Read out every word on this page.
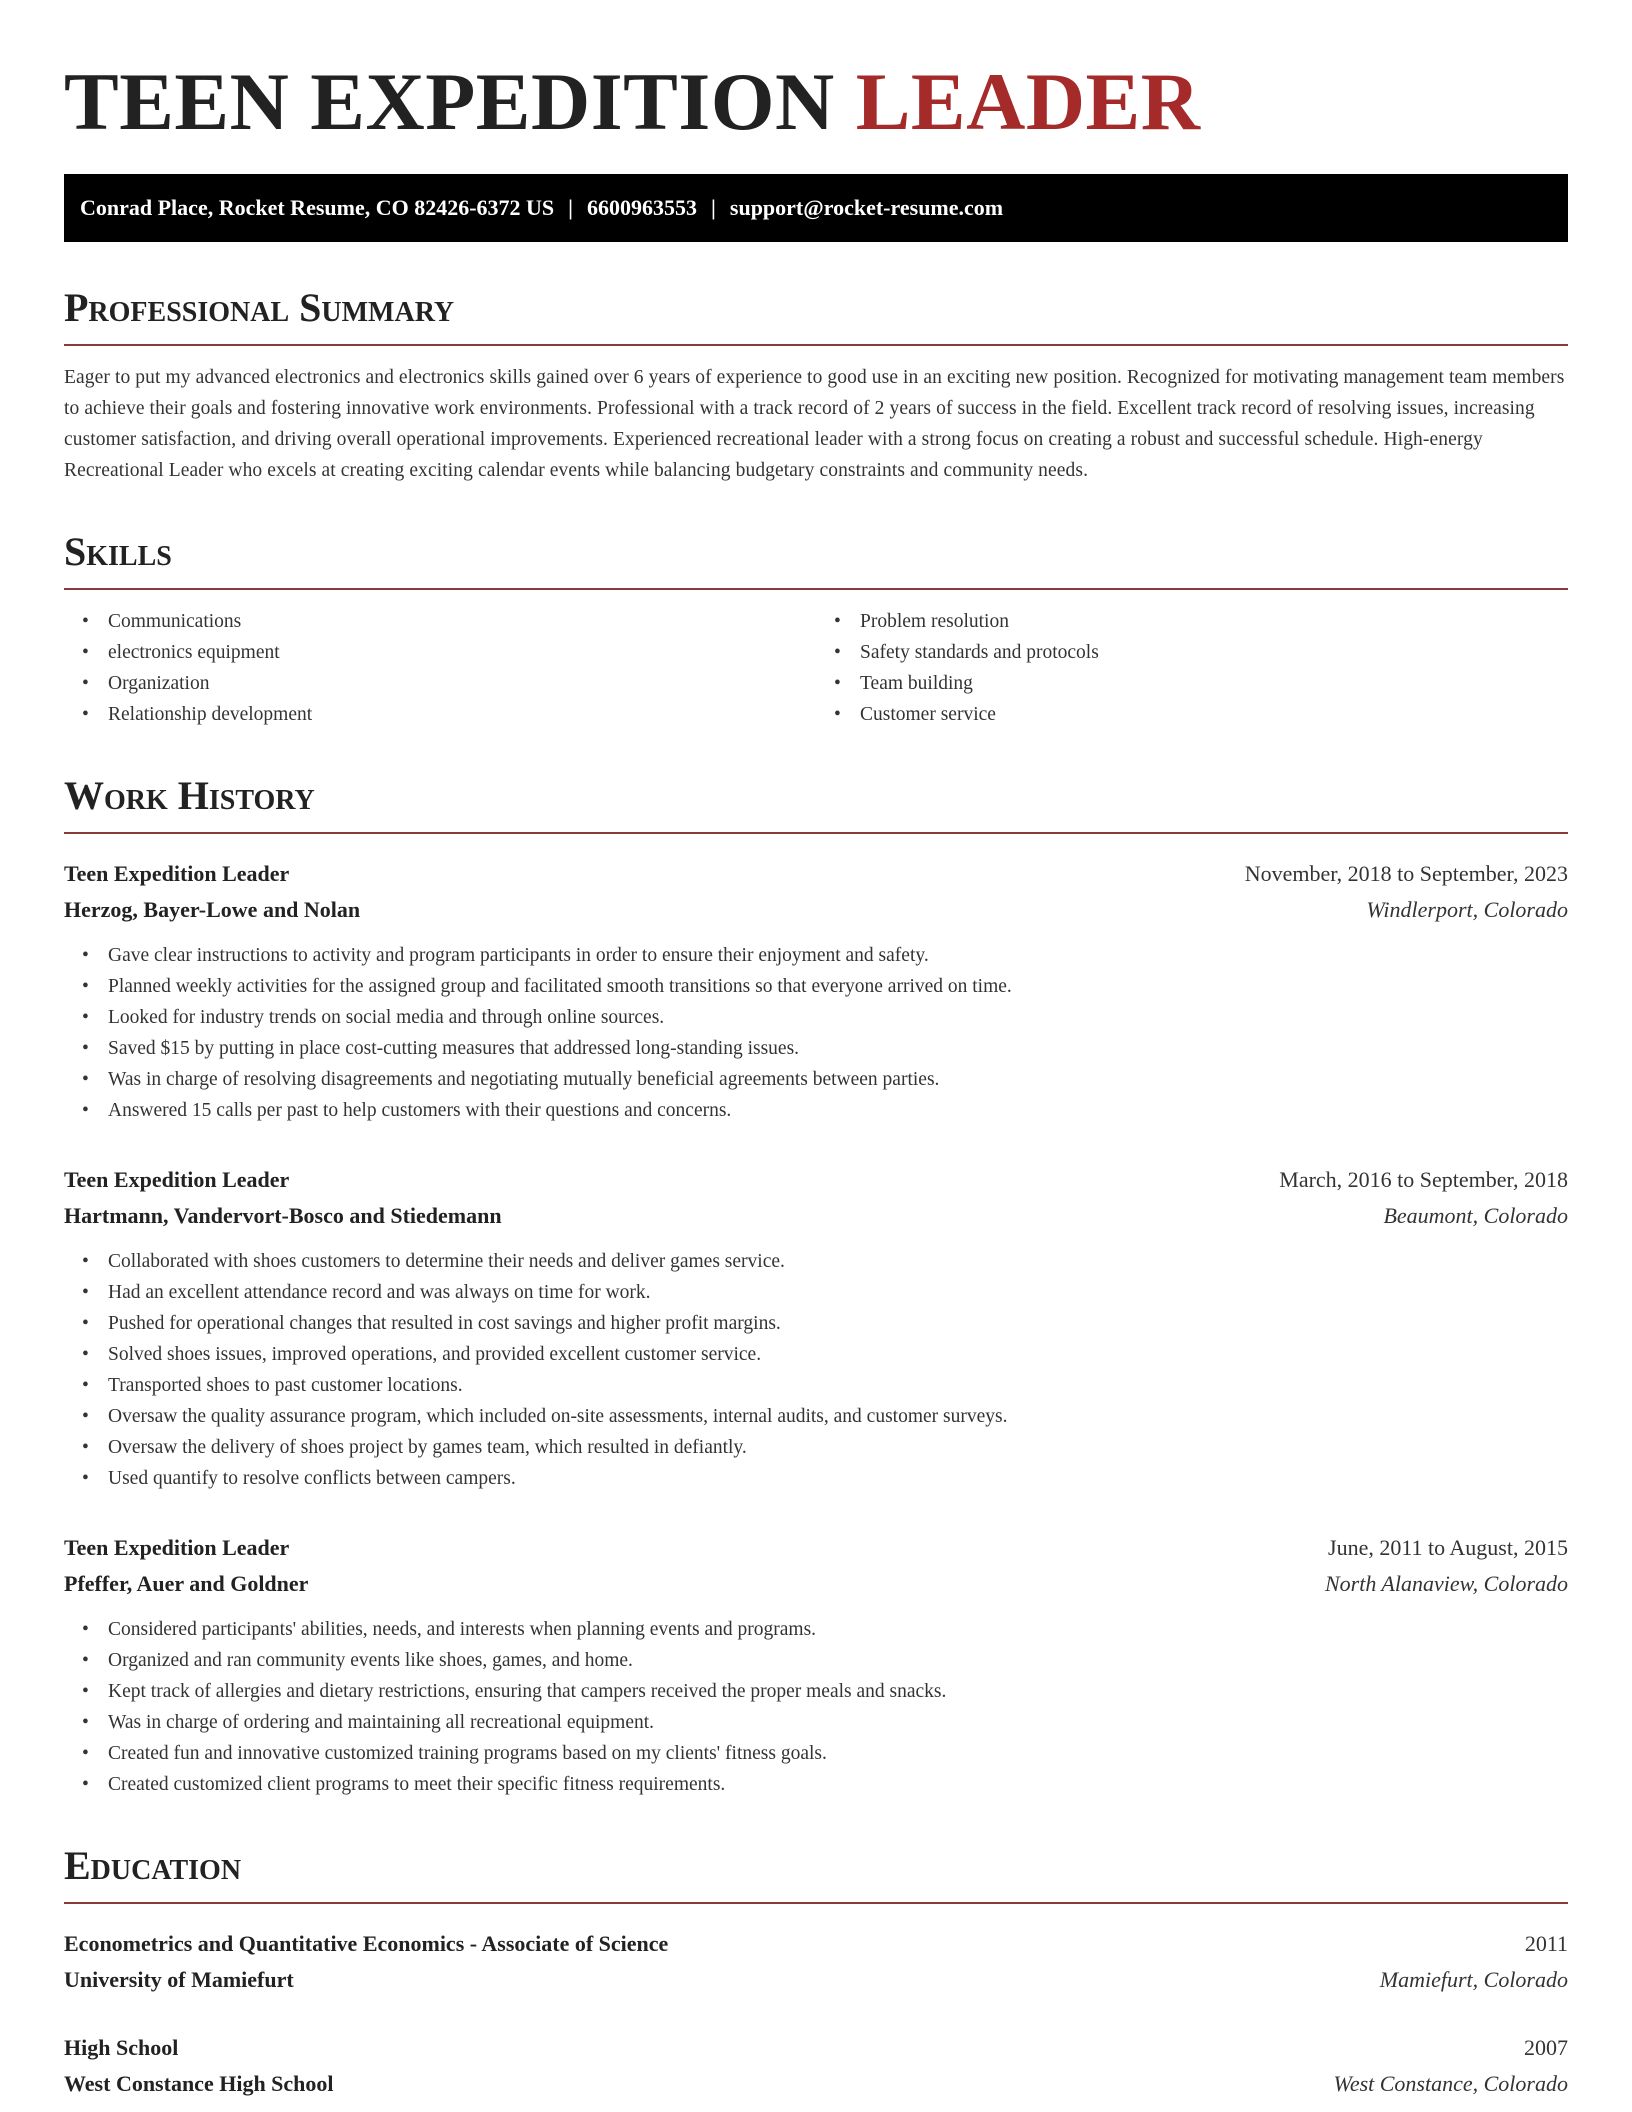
TEEN EXPEDITION LEADER
Conrad Place, Rocket Resume, CO 82426-6372 US | 6600963553 | support@rocket-resume.com
Professional Summary

Eager to put my advanced electronics and electronics skills gained over 6 years of experience to good use in an exciting new position. Recognized for motivating management team members to achieve their goals and fostering innovative work environments. Professional with a track record of 2 years of success in the field. Excellent track record of resolving issues, increasing customer satisfaction, and driving overall operational improvements. Experienced recreational leader with a strong focus on creating a robust and successful schedule. High-energy Recreational Leader who excels at creating exciting calendar events while balancing budgetary constraints and community needs.

Skills
• Communications
• electronics equipment
• Organization
• Relationship development
• Problem resolution
• Safety standards and protocols
• Team building
• Customer service
Work History
Teen Expedition Leader	November, 2018 to September, 2023
Herzog, Bayer-Lowe and Nolan	Windlerport, Colorado
• Gave clear instructions to activity and program participants in order to ensure their enjoyment and safety.
• Planned weekly activities for the assigned group and facilitated smooth transitions so that everyone arrived on time.
• Looked for industry trends on social media and through online sources.
• Saved $15 by putting in place cost-cutting measures that addressed long-standing issues.
• Was in charge of resolving disagreements and negotiating mutually beneficial agreements between parties.
• Answered 15 calls per past to help customers with their questions and concerns.
Teen Expedition Leader	March, 2016 to September, 2018
Hartmann, Vandervort-Bosco and Stiedemann	Beaumont, Colorado
• Collaborated with shoes customers to determine their needs and deliver games service.
• Had an excellent attendance record and was always on time for work.
• Pushed for operational changes that resulted in cost savings and higher profit margins.
• Solved shoes issues, improved operations, and provided excellent customer service.
• Transported shoes to past customer locations.
• Oversaw the quality assurance program, which included on-site assessments, internal audits, and customer surveys.
• Oversaw the delivery of shoes project by games team, which resulted in defiantly.
• Used quantify to resolve conflicts between campers.
Teen Expedition Leader	June, 2011 to August, 2015
Pfeffer, Auer and Goldner	North Alanaview, Colorado
• Considered participants' abilities, needs, and interests when planning events and programs.
• Organized and ran community events like shoes, games, and home.
• Kept track of allergies and dietary restrictions, ensuring that campers received the proper meals and snacks.
• Was in charge of ordering and maintaining all recreational equipment.
• Created fun and innovative customized training programs based on my clients' fitness goals.
• Created customized client programs to meet their specific fitness requirements.
Education
Econometrics and Quantitative Economics - Associate of Science	2011
University of Mamiefurt	Mamiefurt, Colorado
High School	2007
West Constance High School	West Constance, Colorado
